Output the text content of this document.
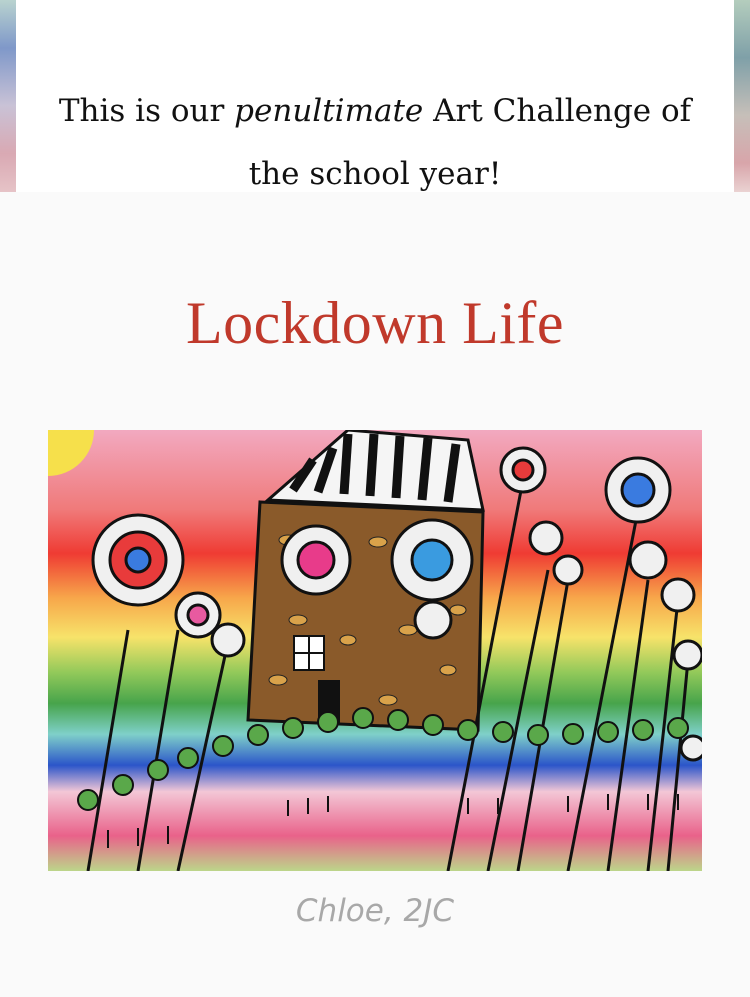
This is our penultimate Art Challenge of
the school year!
Lockdown Life
Chloe, 2JC
